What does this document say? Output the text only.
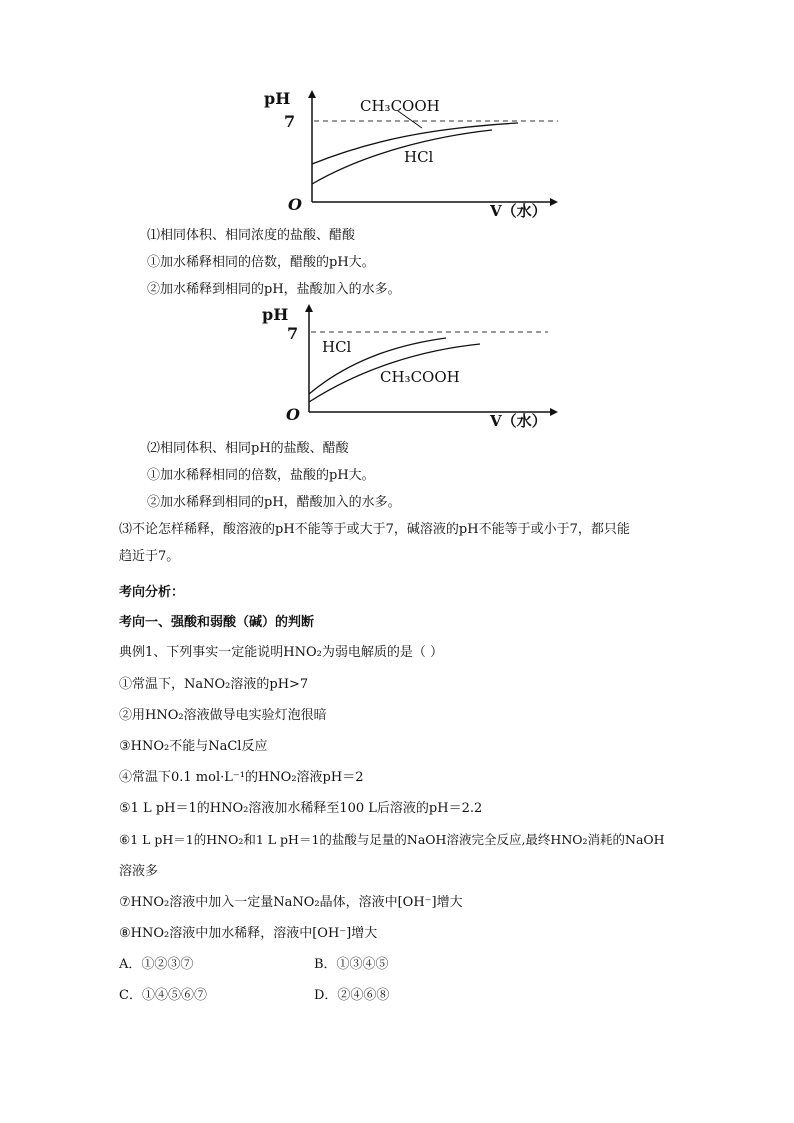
pH
7
O	V（水）
CH₃COOH
HCl
⑴相同体积、相同浓度的盐酸、醋酸
①加水稀释相同的倍数，醋酸的pH大。
②加水稀释到相同的pH，盐酸加入的水多。
pH
7
O	V（水）
HCl
CH₃COOH
⑵相同体积、相同pH的盐酸、醋酸
①加水稀释相同的倍数，盐酸的pH大。
②加水稀释到相同的pH，醋酸加入的水多。
⑶不论怎样稀释，酸溶液的pH不能等于或大于7，碱溶液的pH不能等于或小于7，都只能
趋近于7。
考向分析：
考向一、强酸和弱酸（碱）的判断
典例1、下列事实一定能说明HNO₂为弱电解质的是（ ）
①常温下，NaNO₂溶液的pH>7
②用HNO₂溶液做导电实验灯泡很暗
③HNO₂不能与NaCl反应
④常温下0.1 mol·L⁻¹的HNO₂溶液pH＝2
⑤1 L pH＝1的HNO₂溶液加水稀释至100 L后溶液的pH＝2.2
⑥1 L pH＝1的HNO₂和1 L pH＝1的盐酸与足量的NaOH溶液完全反应,最终HNO₂消耗的NaOH
溶液多
⑦HNO₂溶液中加入一定量NaNO₂晶体，溶液中[OH⁻]增大
⑧HNO₂溶液中加水稀释，溶液中[OH⁻]增大
A．①②③⑦	B．①③④⑤
C．①④⑤⑥⑦	D．②④⑥⑧
